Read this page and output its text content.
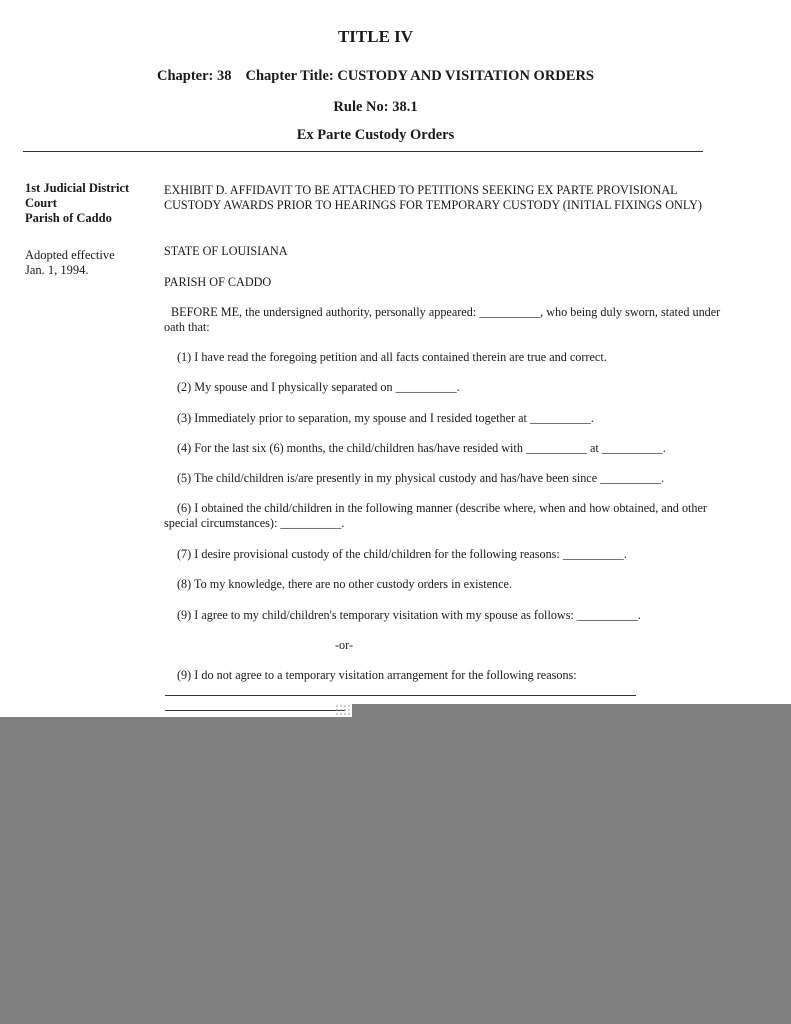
TITLE IV
Chapter: 38 Chapter Title: CUSTODY AND VISITATION ORDERS
Rule No: 38.1
Ex Parte Custody Orders
1st Judicial District
Court
Parish of Caddo
Adopted effective
Jan. 1, 1994.
EXHIBIT D. AFFIDAVIT TO BE ATTACHED TO PETITIONS SEEKING EX PARTE PROVISIONAL CUSTODY AWARDS PRIOR TO HEARINGS FOR TEMPORARY CUSTODY (INITIAL FIXINGS ONLY)
STATE OF LOUISIANA
PARISH OF CADDO
BEFORE ME, the undersigned authority, personally appeared: __________, who being duly sworn, stated under oath that:
(1) I have read the foregoing petition and all facts contained therein are true and correct.
(2) My spouse and I physically separated on __________.
(3) Immediately prior to separation, my spouse and I resided together at __________.
(4) For the last six (6) months, the child/children has/have resided with __________ at __________.
(5) The child/children is/are presently in my physical custody and has/have been since __________.
(6) I obtained the child/children in the following manner (describe where, when and how obtained, and other special circumstances): __________.
(7) I desire provisional custody of the child/children for the following reasons: __________.
(8) To my knowledge, there are no other custody orders in existence.
(9) I agree to my child/children's temporary visitation with my spouse as follows: __________.
-or-
(9) I do not agree to a temporary visitation arrangement for the following reasons:
